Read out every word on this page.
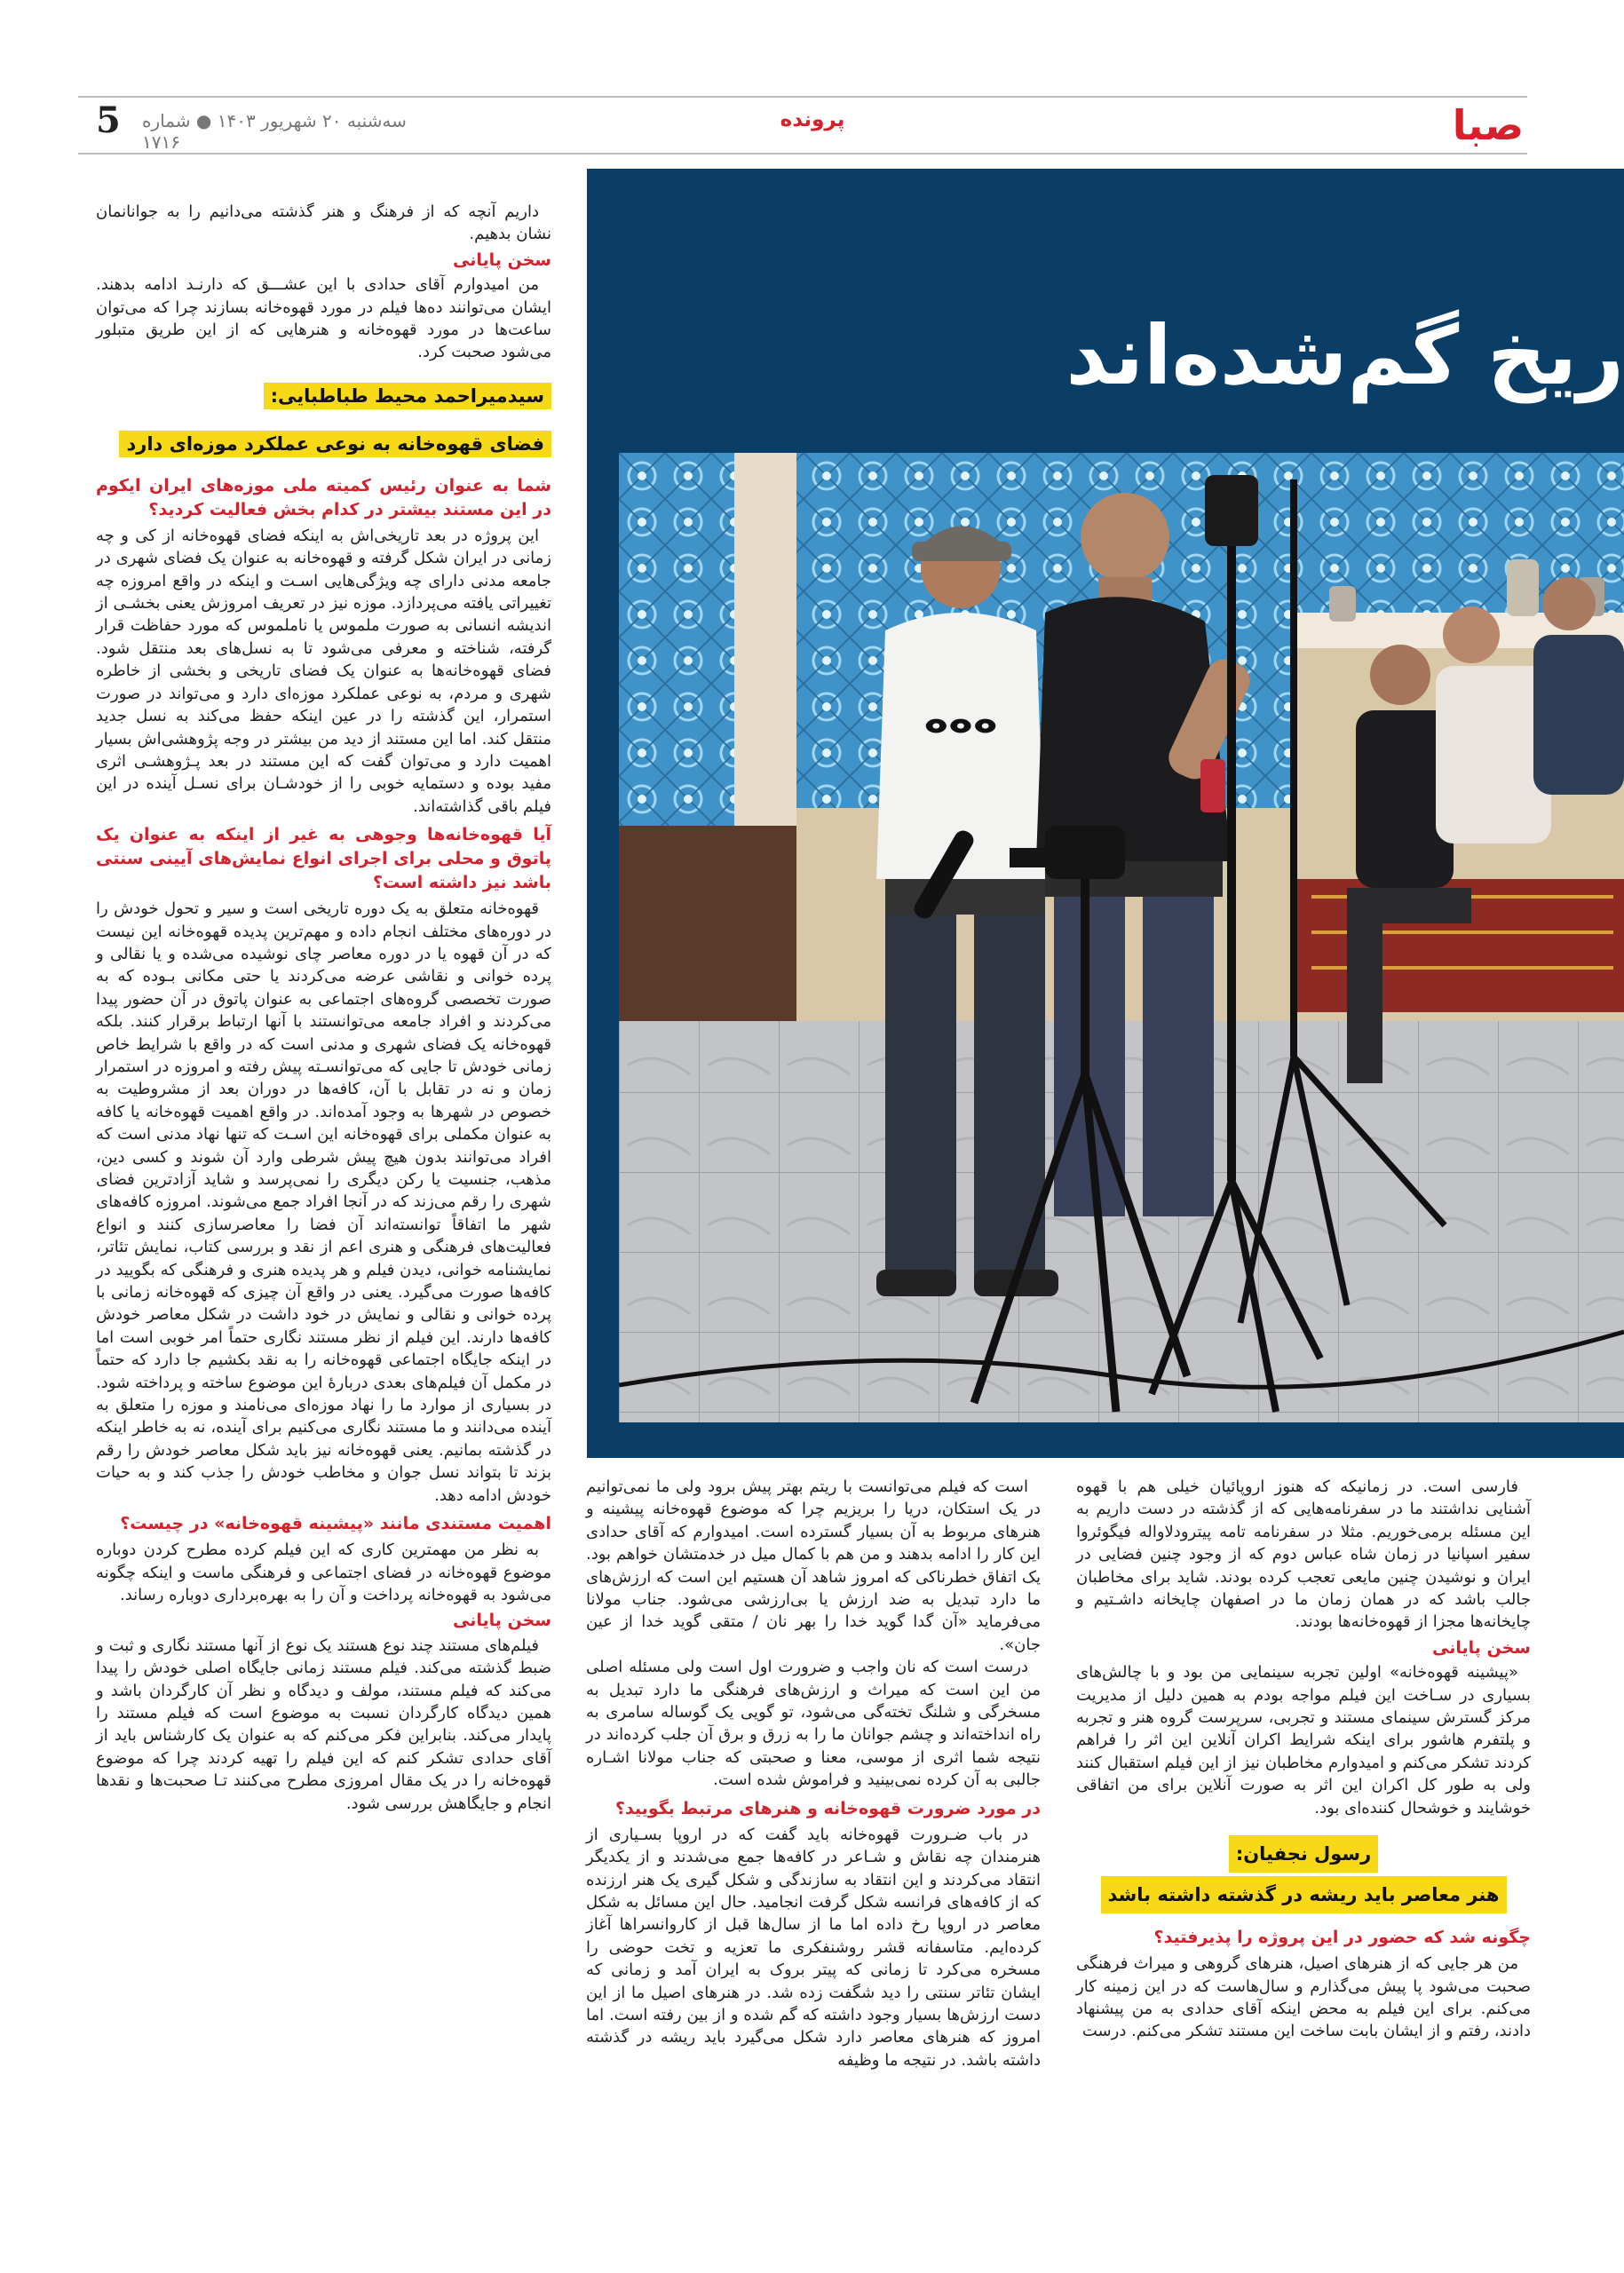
صبا
پرونده
سه‌شنبه ۲۰ شهریور ۱۴۰۳ ● شماره ۱۷۱۶
5
ریخ گم‌شده‌اند
ⴰⴰⴰ

داریم آنچه که از فرهنگ و هنر گذشته می‌دانیم را به جوانانمان نشان بدهیم.

سخن پایانی

من امیدوارم آقای حدادی با این عشـــق که دارنـد ادامه بدهند. ایشان می‌توانند ده‌ها فیلم در مورد قهوه‌خانه بسازند چرا که می‌توان ساعت‌ها در مورد قهوه‌خانه و هنرهایی که از این طریق متبلور می‌شود صحبت کرد.

سیدمیراحمد محیط طباطبایی:
فضای قهوه‌خانه به نوعی عملکرد موزه‌ای دارد
شما به عنوان رئیس کمیته ملی موزه‌های ایران ایکوم در این مستند بیشتر در کدام بخش فعالیت کردید؟

این پروژه در بعد تاریخی‌اش به اینکه فضای قهوه‌خانه از کی و چه زمانی در ایران شکل گرفته و قهوه‌خانه به عنوان یک فضای شهری در جامعه مدنی دارای چه ویژگی‌هایی اسـت و اینکه در واقع امروزه چه تغییراتی یافته می‌پردازد. موزه نیز در تعریف امروزش یعنی بخشـی از اندیشه انسانی به صورت ملموس یا ناملموس که مورد حفاظت قرار گرفته، شناخته و معرفی می‌شود تا به نسل‌های بعد منتقل شود. فضای قهوه‌خانه‌ها به عنوان یک فضای تاریخی و بخشی از خاطره شهری و مردم، به نوعی عملکرد موزه‌ای دارد و می‌تواند در صورت استمرار، این گذشته را در عین اینکه حفظ می‌کند به نسل جدید منتقل کند. اما این مستند از دید من بیشتر در وجه پژوهشی‌اش بسیار اهمیت دارد و می‌توان گفت که این مستند در بعد پـژوهشـی اثری مفید بوده و دستمایه خوبی را از خودشـان برای نسـل آینده در این فیلم باقی گذاشته‌اند.

آیا قهوه‌خانه‌ها وجوهی به غیر از اینکه به عنوان یک پاتوق و محلی برای اجرای انواع نمایش‌های آیینی سنتی باشد نیز داشته است؟

قهوه‌خانه متعلق به یک دوره تاریخی است و سیر و تحول خودش را در دوره‌های مختلف انجام داده و مهم‌ترین پدیده قهوه‌خانه این نیست که در آن قهوه یا در دوره معاصر چای نوشیده می‌شده و یا نقالی و پرده خوانی و نقاشی عرضه می‌کردند یا حتی مکانی بـوده که به صورت تخصصی گروه‌های اجتماعی به عنوان پاتوق در آن حضور پیدا می‌کردند و افراد جامعه می‌توانستند با آنها ارتباط برقرار کنند. بلکه قهوه‌خانه یک فضای شهری و مدنی است که در واقع با شرایط خاص زمانی خودش تا جایی که می‌توانسـته پیش رفته و امروزه در استمرار زمان و نه در تقابل با آن، کافه‌ها در دوران بعد از مشروطیت به خصوص در شهرها به وجود آمده‌اند. در واقع اهمیت قهوه‌خانه یا کافه به عنوان مکملی برای قهوه‌خانه این اسـت که تنها نهاد مدنی است که افراد می‌توانند بدون هیچ پیش شرطی وارد آن شوند و کسی دین، مذهب، جنسیت یا رکن دیگری را نمی‌پرسد و شاید آزادترین فضای شهری را رقم می‌زند که در آنجا افراد جمع می‌شوند. امروزه کافه‌های شهر ما اتفاقاً توانسته‌اند آن فضا را معاصرسازی کنند و انواع فعالیت‌های فرهنگی و هنری اعم از نقد و بررسی کتاب، نمایش تئاتر، نمایشنامه خوانی، دیدن فیلم و هر پدیده هنری و فرهنگی که بگویید در کافه‌ها صورت می‌گیرد. یعنی در واقع آن چیزی که قهوه‌خانه زمانی با پرده خوانی و نقالی و نمایش در خود داشت در شکل معاصر خودش کافه‌ها دارند. این فیلم از نظر مستند نگاری حتماً امر خوبی است اما در اینکه جایگاه اجتماعی قهوه‌خانه را به نقد بکشیم جا دارد که حتماً در مکمل آن فیلم‌های بعدی دربارهٔ این موضوع ساخته و پرداخته شود. در بسیاری از موارد ما را نهاد موزه‌ای می‌نامند و موزه را متعلق به آینده می‌دانند و ما مستند نگاری می‌کنیم برای آینده، نه به خاطر اینکه در گذشته بمانیم. یعنی قهوه‌خانه نیز باید شکل معاصر خودش را رقم بزند تا بتواند نسل جوان و مخاطب خودش را جذب کند و به حیات خودش ادامه دهد.

اهمیت مستندی مانند «پیشینه قهوه‌خانه» در چیست؟

به نظر من مهمترین کاری که این فیلم کرده مطرح کردن دوباره موضوع قهوه‌خانه در فضای اجتماعی و فرهنگی ماست و اینکه چگونه می‌شود به قهوه‌خانه پرداخت و آن را به بهره‌برداری دوباره رساند.

سخن پایانی

فیلم‌های مستند چند نوع هستند یک نوع از آنها مستند نگاری و ثبت و ضبط گذشته می‌کند. فیلم مستند زمانی جایگاه اصلی خودش را پیدا می‌کند که فیلم مستند، مولف و دیدگاه و نظر آن کارگردان باشد و همین دیدگاه کارگردان نسبت به موضوع است که فیلم مستند را پایدار می‌کند. بنابراین فکر می‌کنم که به عنوان یک کارشناس باید از آقای حدادی تشکر کنم که این فیلم را تهیه کردند چرا که موضوع قهوه‌خانه را در یک مقال امروزی مطرح می‌کنند تـا صحبت‌ها و نقدها انجام و جایگاهش بررسی شود.

است که فیلم می‌توانست با ریتم بهتر پیش برود ولی ما نمی‌توانیم در یک استکان، دریا را بریزیم چرا که موضوع قهوه‌خانه پیشینه و هنرهای مربوط به آن بسیار گسترده است. امیدوارم که آقای حدادی این کار را ادامه بدهند و من هم با کمال میل در خدمتشان خواهم بود. یک اتفاق خطرناکی که امروز شاهد آن هستیم این است که ارزش‌های ما دارد تبدیل به ضد ارزش یا بی‌ارزشی می‌شود. جناب مولانا می‌فرماید «آن گدا گوید خدا را بهر نان / متقی گوید خدا از عین جان».

درست است که نان واجب و ضرورت اول است ولی مسئله اصلی من این است که میراث و ارزش‌های فرهنگی ما دارد تبدیل به مسخرگی و شلنگ تخته‌گی می‌شود، تو گویی یک گوساله سامری به راه انداخته‌اند و چشم جوانان ما را به زرق و برق آن جلب کرده‌اند در نتیجه شما اثری از موسی، معنا و صحبتی که جناب مولانا اشـاره جالبی به آن کرده نمی‌بینید و فراموش شده است.

در مورد ضرورت قهوه‌خانه و هنرهای مرتبط بگویید؟

در باب ضـرورت قهوه‌خانه باید گفت که در اروپا بسـیاری از هنرمندان چه نقاش و شـاعر در کافه‌ها جمع می‌شدند و از یکدیگر انتقاد می‌کردند و این انتقاد به سازندگی و شکل گیری یک هنر ارزنده که از کافه‌های فرانسه شکل گرفت انجامید. حال این مسائل به شکل معاصر در اروپا رخ داده اما ما از سال‌ها قبل از کاروانسراها آغاز کرده‌ایم. متاسفانه قشر روشنفکری ما تعزیه و تخت حوضی را مسخره می‌کرد تا زمانی که پیتر بروک به ایران آمد و زمانی که ایشان تئاتر سنتی را دید شگفت زده شد. در هنرهای اصیل ما از این دست ارزش‌ها بسیار وجود داشته که گم شده و از بین رفته است. اما امروز که هنرهای معاصر دارد شکل می‌گیرد باید ریشه در گذشته داشته باشد. در نتیجه ما وظیفه

فارسی است. در زمانیکه که هنوز اروپائیان خیلی هم با قهوه آشنایی نداشتند ما در سفرنامه‌هایی که از گذشته در دست داریم به این مسئله برمی‌خوریم. مثلا در سفرنامه تامه پیترودلاواله فیگوئروا سفیر اسپانیا در زمان شاه عباس دوم که از وجود چنین فضایی در ایران و نوشیدن چنین مایعی تعجب کرده بودند. شاید برای مخاطبان جالب باشد که در همان زمان ما در اصفهان چایخانه داشـتیم و چایخانه‌ها مجزا از قهوه‌خانه‌ها بودند.

سخن پایانی

«پیشینه قهوه‌خانه» اولین تجربه سینمایی من بود و با چالش‌های بسیاری در سـاخت این فیلم مواجه بودم به همین دلیل از مدیریت مرکز گسترش سینمای مستند و تجربی، سرپرست گروه هنر و تجربه و پلتفرم هاشور برای اینکه شرایط اکران آنلاین این اثر را فراهم کردند تشکر می‌کنم و امیدوارم مخاطبان نیز از این فیلم استقبال کنند ولی به طور کل اکران این اثر به صورت آنلاین برای من اتفاقی خوشایند و خوشحال کننده‌ای بود.

رسول نجفیان:
هنر معاصر باید ریشه در گذشته داشته باشد
چگونه شد که حضور در این پروژه را پذیرفتید؟

من هر جایی که از هنرهای اصیل، هنرهای گروهی و میراث فرهنگی صحبت می‌شود پا پیش می‌گذارم و سال‌هاست که در این زمینه کار می‌کنم. برای این فیلم به محض اینکه آقای حدادی به من پیشنهاد دادند، رفتم و از ایشان بابت ساخت این مستند تشکر می‌کنم. درست
